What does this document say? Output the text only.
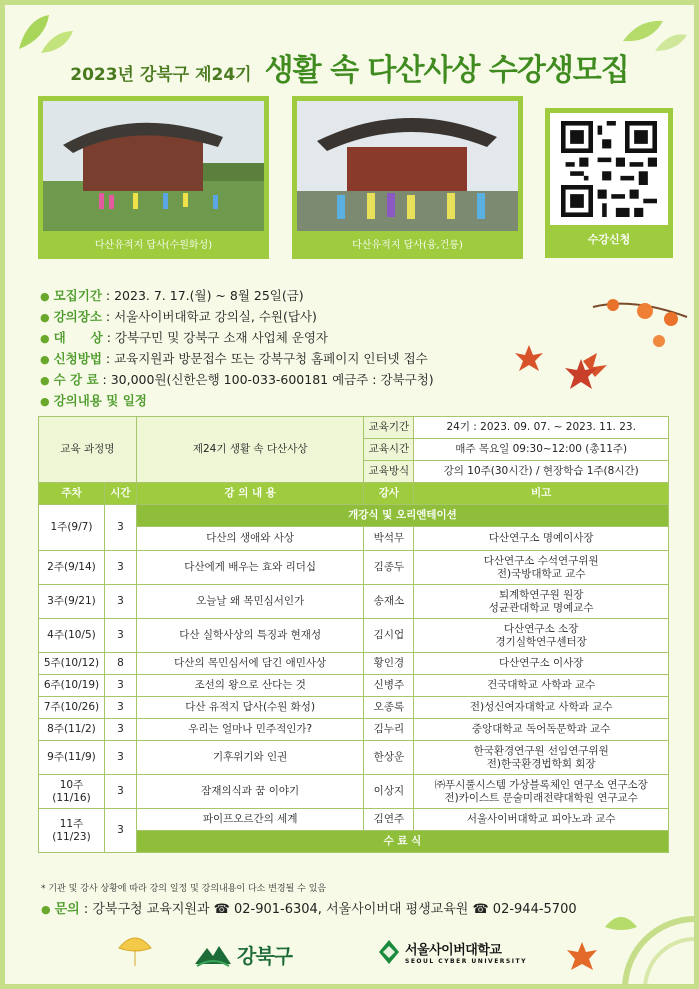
2023년 강북구 제24기 생활 속 다산사상 수강생모집
다산유적지 답사(수원화성)	다산유적지 답사(융,건릉)	수강신청
● 모집기간 : 2023. 7. 17.(월) ~ 8월 25일(금)
● 강의장소 : 서울사이버대학교 강의실, 수원(답사)
● 대　　상 : 강북구민 및 강북구 소재 사업체 운영자
● 신청방법 : 교육지원과 방문접수 또는 강북구청 홈페이지 인터넷 접수
● 수 강 료 : 30,000원(신한은행 100-033-600181 예금주 : 강북구청)
● 강의내용 및 일정
교육 과정명		제24기 생활 속 다산사상	교육기간	24기 : 2023. 09. 07. ~ 2023. 11. 23.
			교육시간	매주 목요일 09:30~12:00 (총11주)
			교육방식	강의 10주(30시간) / 현장학습 1주(8시간)
주차	시간	강 의 내 용	강사	비고
1주(9/7)	3	개강식 및 오리엔테이션		
		다산의 생애와 사상	박석무	다산연구소 명예이사장

2주(9/14)	3	다산에게 배우는 효와 리더십	김종두	다산연구소 수석연구위원
전)국방대학교 교수

3주(9/21)	3	오늘날 왜 목민심서인가	송재소	퇴계학연구원 원장
성균관대학교 명예교수

4주(10/5)	3	다산 실학사상의 특징과 현재성	김시업	다산연구소 소장
경기실학연구센터장

5주(10/12)	8	다산의 목민심서에 담긴 애민사상	황인경	다산연구소 이사장
6주(10/19)	3	조선의 왕으로 산다는 것	신병주	건국대학교 사학과 교수
7주(10/26)	3	다산 유적지 답사(수원 화성)	오종록	전)성신여자대학교 사학과 교수
8주(11/2)	3	우리는 얼마나 민주적인가?	김누리	중앙대학교 독어독문학과 교수
9주(11/9)	3	기후위기와 인권	한상운	한국환경연구원 선임연구위원
전)한국환경법학회 회장

10주(11/16)	3	잠재의식과 꿈 이야기	이상지	㈜푸시풀시스템 가상블록체인 연구소 연구소장
전)카이스트 문술미래전략대학원 연구교수

11주(11/23)	3	파이프오르간의 세계	김연주	서울사이버대학교 피아노과 교수
		수 료 식		
* 기관 및 강사 상황에 따라 강의 일정 및 강의내용이 다소 변경될 수 있음
● 문의 : 강북구청 교육지원과 ☎ 02-901-6304, 서울사이버대 평생교육원 ☎ 02-944-5700
강북구	서울사이버대학교
SEOUL CYBER UNIVERSITY
